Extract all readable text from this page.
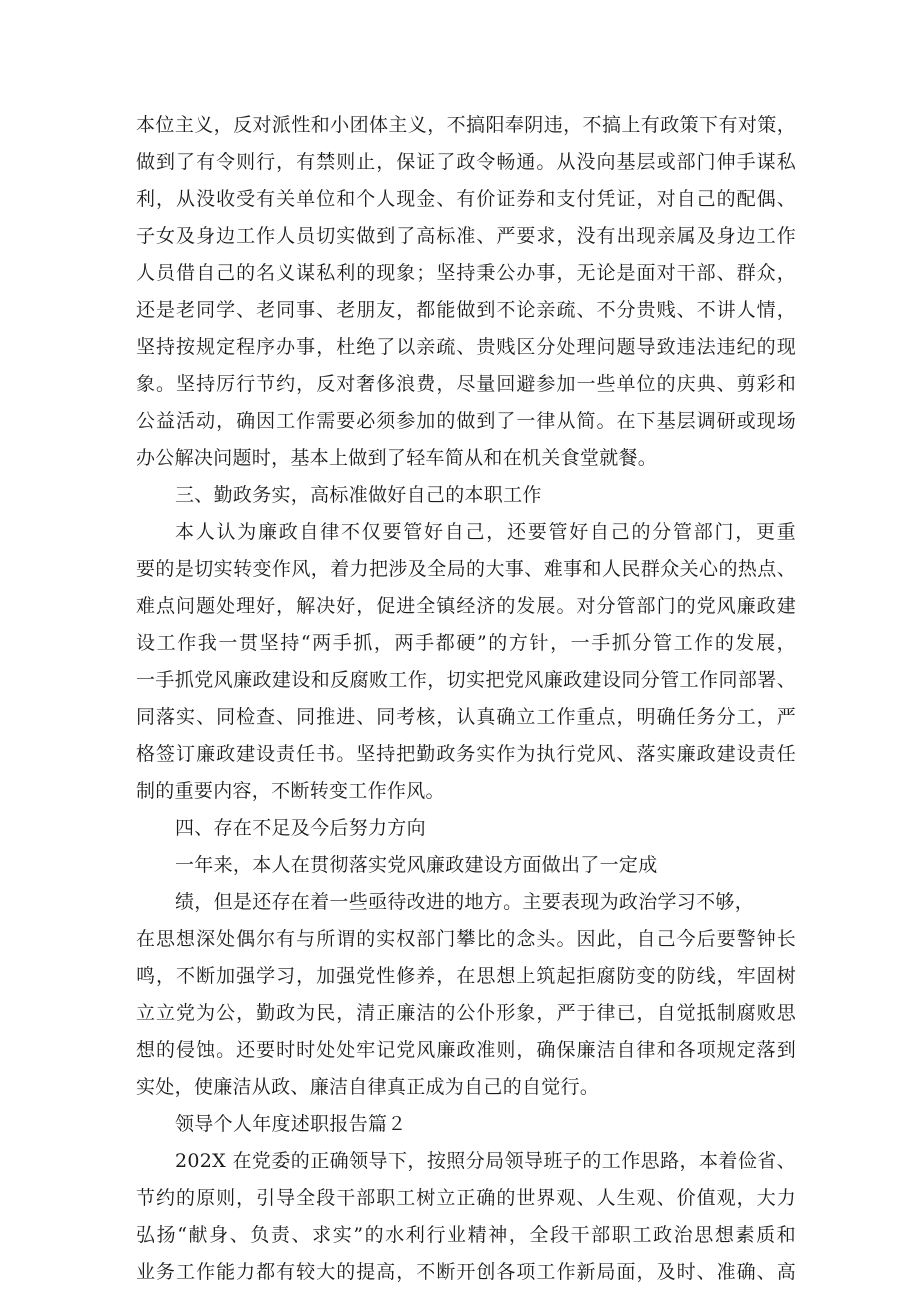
本位主义，反对派性和小团体主义，不搞阳奉阴违，不搞上有政策下有对策，
做到了有令则行，有禁则止，保证了政令畅通。从没向基层或部门伸手谋私
利，从没收受有关单位和个人现金、有价证券和支付凭证，对自己的配偶、
子女及身边工作人员切实做到了高标准、严要求，没有出现亲属及身边工作
人员借自己的名义谋私利的现象；坚持秉公办事，无论是面对干部、群众，
还是老同学、老同事、老朋友，都能做到不论亲疏、不分贵贱、不讲人情，
坚持按规定程序办事，杜绝了以亲疏、贵贱区分处理问题导致违法违纪的现
象。坚持厉行节约，反对奢侈浪费，尽量回避参加一些单位的庆典、剪彩和
公益活动，确因工作需要必须参加的做到了一律从简。在下基层调研或现场
办公解决问题时，基本上做到了轻车简从和在机关食堂就餐。
三、勤政务实，高标准做好自己的本职工作
本人认为廉政自律不仅要管好自己，还要管好自己的分管部门，更重
要的是切实转变作风，着力把涉及全局的大事、难事和人民群众关心的热点、
难点问题处理好，解决好，促进全镇经济的发展。对分管部门的党风廉政建
设工作我一贯坚持“两手抓，两手都硬”的方针，一手抓分管工作的发展，
一手抓党风廉政建设和反腐败工作，切实把党风廉政建设同分管工作同部署、
同落实、同检查、同推进、同考核，认真确立工作重点，明确任务分工，严
格签订廉政建设责任书。坚持把勤政务实作为执行党风、落实廉政建设责任
制的重要内容，不断转变工作作风。
四、存在不足及今后努力方向
一年来，本人在贯彻落实党风廉政建设方面做出了一定成
绩，但是还存在着一些亟待改进的地方。主要表现为政治学习不够，
在思想深处偶尔有与所谓的实权部门攀比的念头。因此，自己今后要警钟长
鸣，不断加强学习，加强党性修养，在思想上筑起拒腐防变的防线，牢固树
立立党为公，勤政为民，清正廉洁的公仆形象，严于律已，自觉抵制腐败思
想的侵蚀。还要时时处处牢记党风廉政准则，确保廉洁自律和各项规定落到
实处，使廉洁从政、廉洁自律真正成为自己的自觉行。
领导个人年度述职报告篇２
202X 在党委的正确领导下，按照分局领导班子的工作思路，本着俭省、
节约的原则，引导全段干部职工树立正确的世界观、人生观、价值观，大力
弘扬“献身、负责、求实”的水利行业精神，全段干部职工政治思想素质和
业务工作能力都有较大的提高，不断开创各项工作新局面，及时、准确、高
